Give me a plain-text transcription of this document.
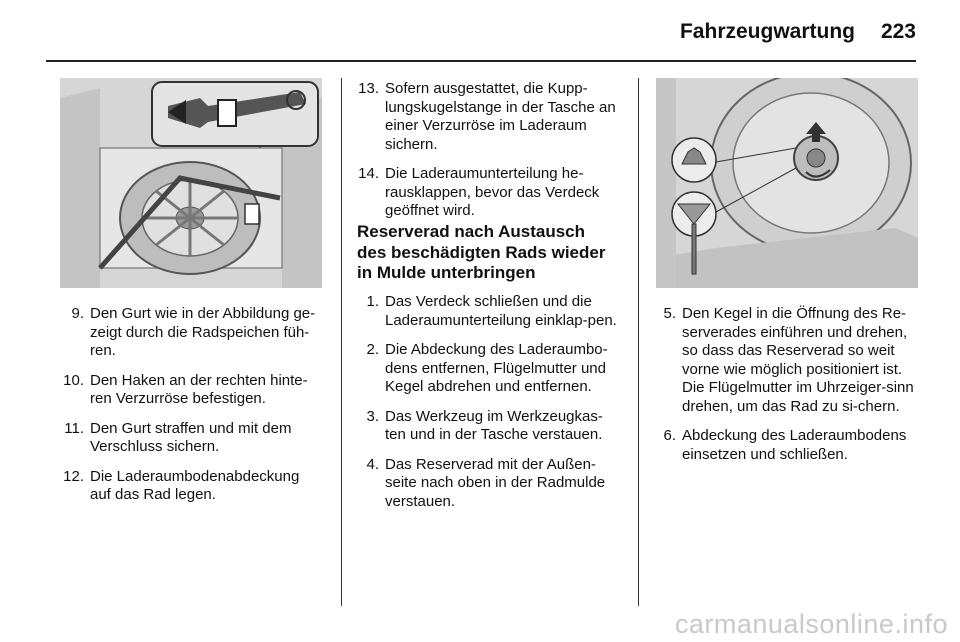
Fahrzeugwartung 223
9. Den Gurt wie in der Abbildung ge-zeigt durch die Radspeichen füh-ren.
10. Den Haken an der rechten hinte-ren Verzurröse befestigen.
11. Den Gurt straffen und mit dem Verschluss sichern.
12. Die Laderaumbodenabdeckung auf das Rad legen.
13. Sofern ausgestattet, die Kupp-lungskugelstange in der Tasche an einer Verzurröse im Laderaum sichern.
14. Die Laderaumunterteilung he-rausklappen, bevor das Verdeck geöffnet wird.
Reserverad nach Austausch des beschädigten Rads wieder in Mulde unterbringen
1. Das Verdeck schließen und die Laderaumunterteilung einklap-pen.
2. Die Abdeckung des Laderaumbo-dens entfernen, Flügelmutter und Kegel abdrehen und entfernen.
3. Das Werkzeug im Werkzeugkas-ten und in der Tasche verstauen.
4. Das Reserverad mit der Außen-seite nach oben in der Radmulde verstauen.
5. Den Kegel in die Öffnung des Re-serverades einführen und drehen, so dass das Reserverad so weit vorne wie möglich positioniert ist. Die Flügelmutter im Uhrzeiger-sinn drehen, um das Rad zu si-chern.
6. Abdeckung des Laderaumbodens einsetzen und schließen.
carmanualsonline.info
